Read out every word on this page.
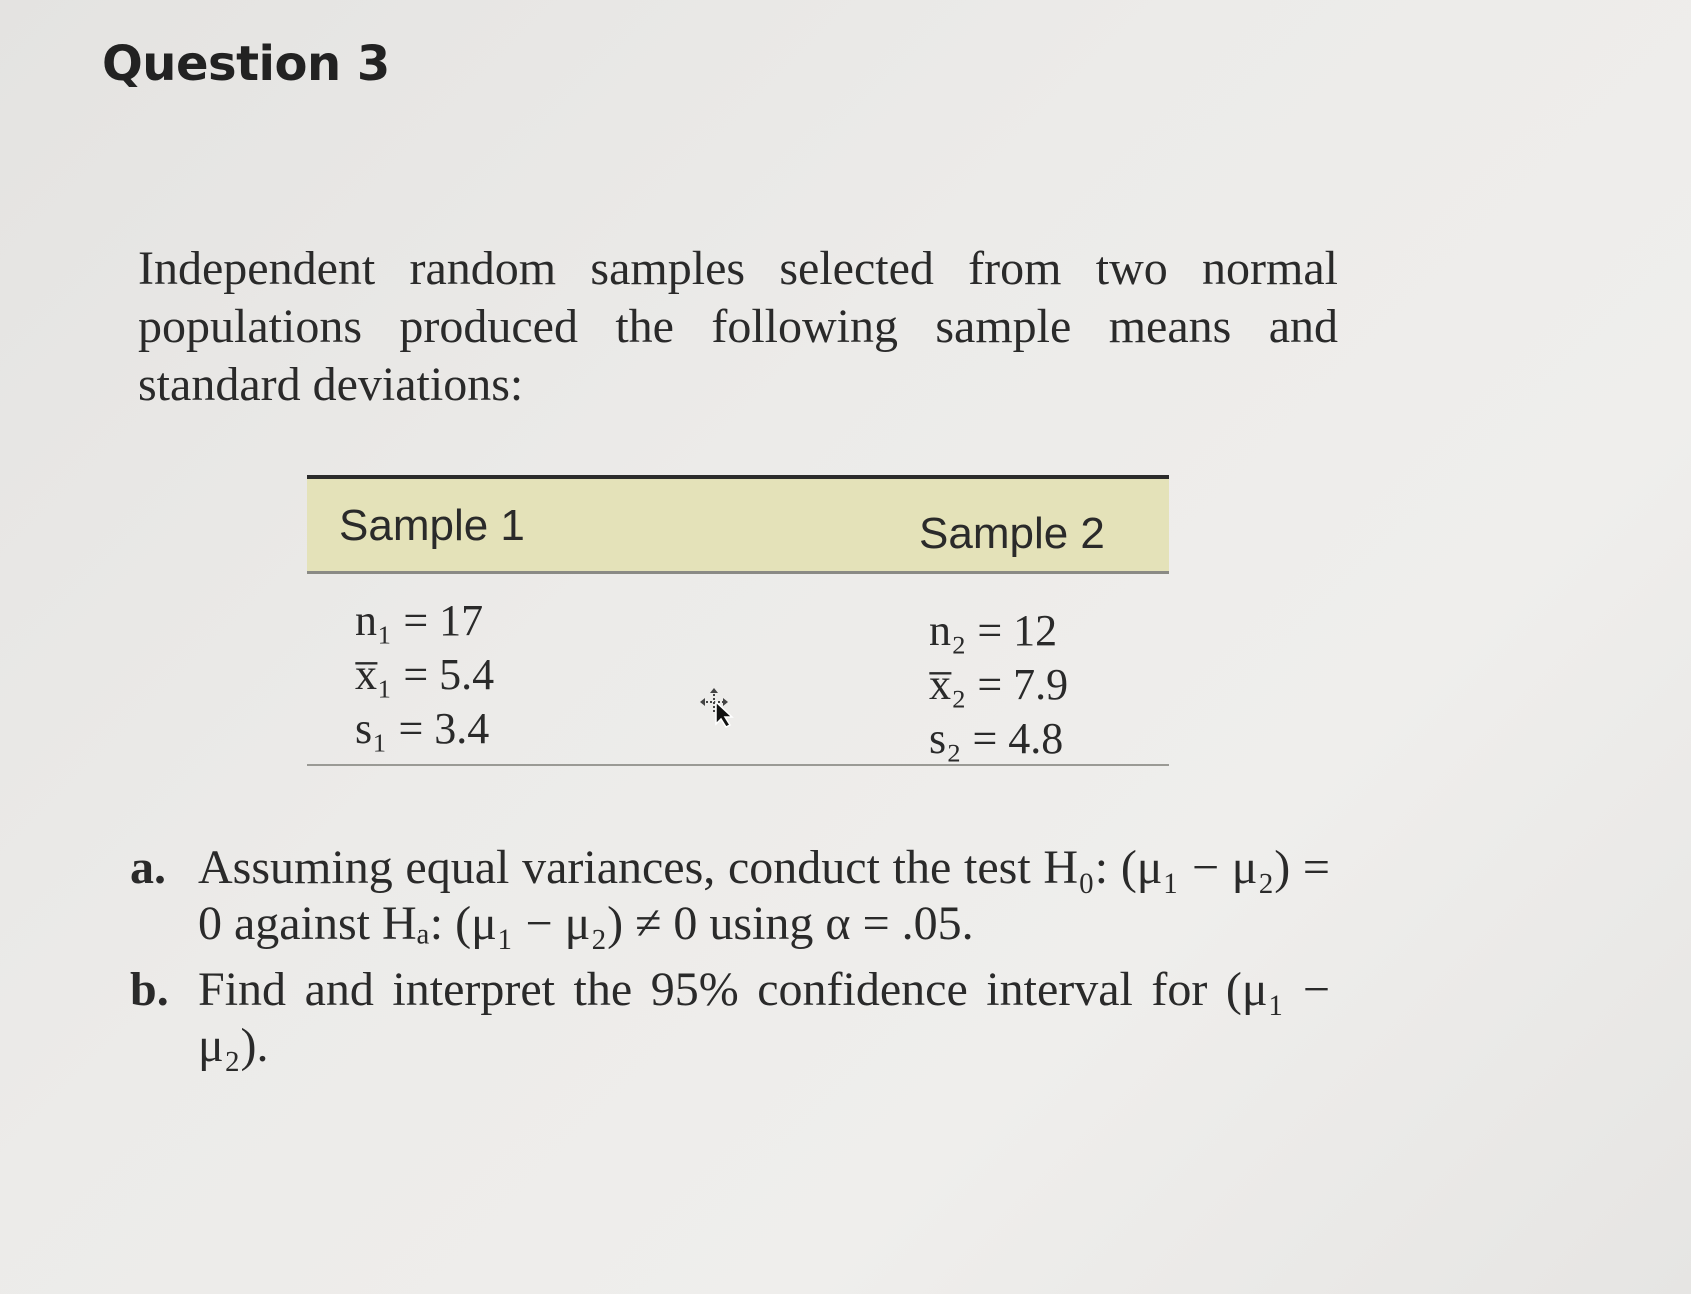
Question 3
Independent random samples selected from two normal populations produced the following sample means and standard deviations:
Sample 1	Sample 2
n₁ = 17
x̅₁ = 5.4
s₁ = 3.4
n₂ = 12
x̅₂ = 7.9
s₂ = 4.8
a. Assuming equal variances, conduct the test H₀: (μ₁ − μ₂) = 0 against Hₐ: (μ₁ − μ₂) ≠ 0 using α = .05.
b. Find and interpret the 95% confidence interval for (μ₁ − μ₂).
